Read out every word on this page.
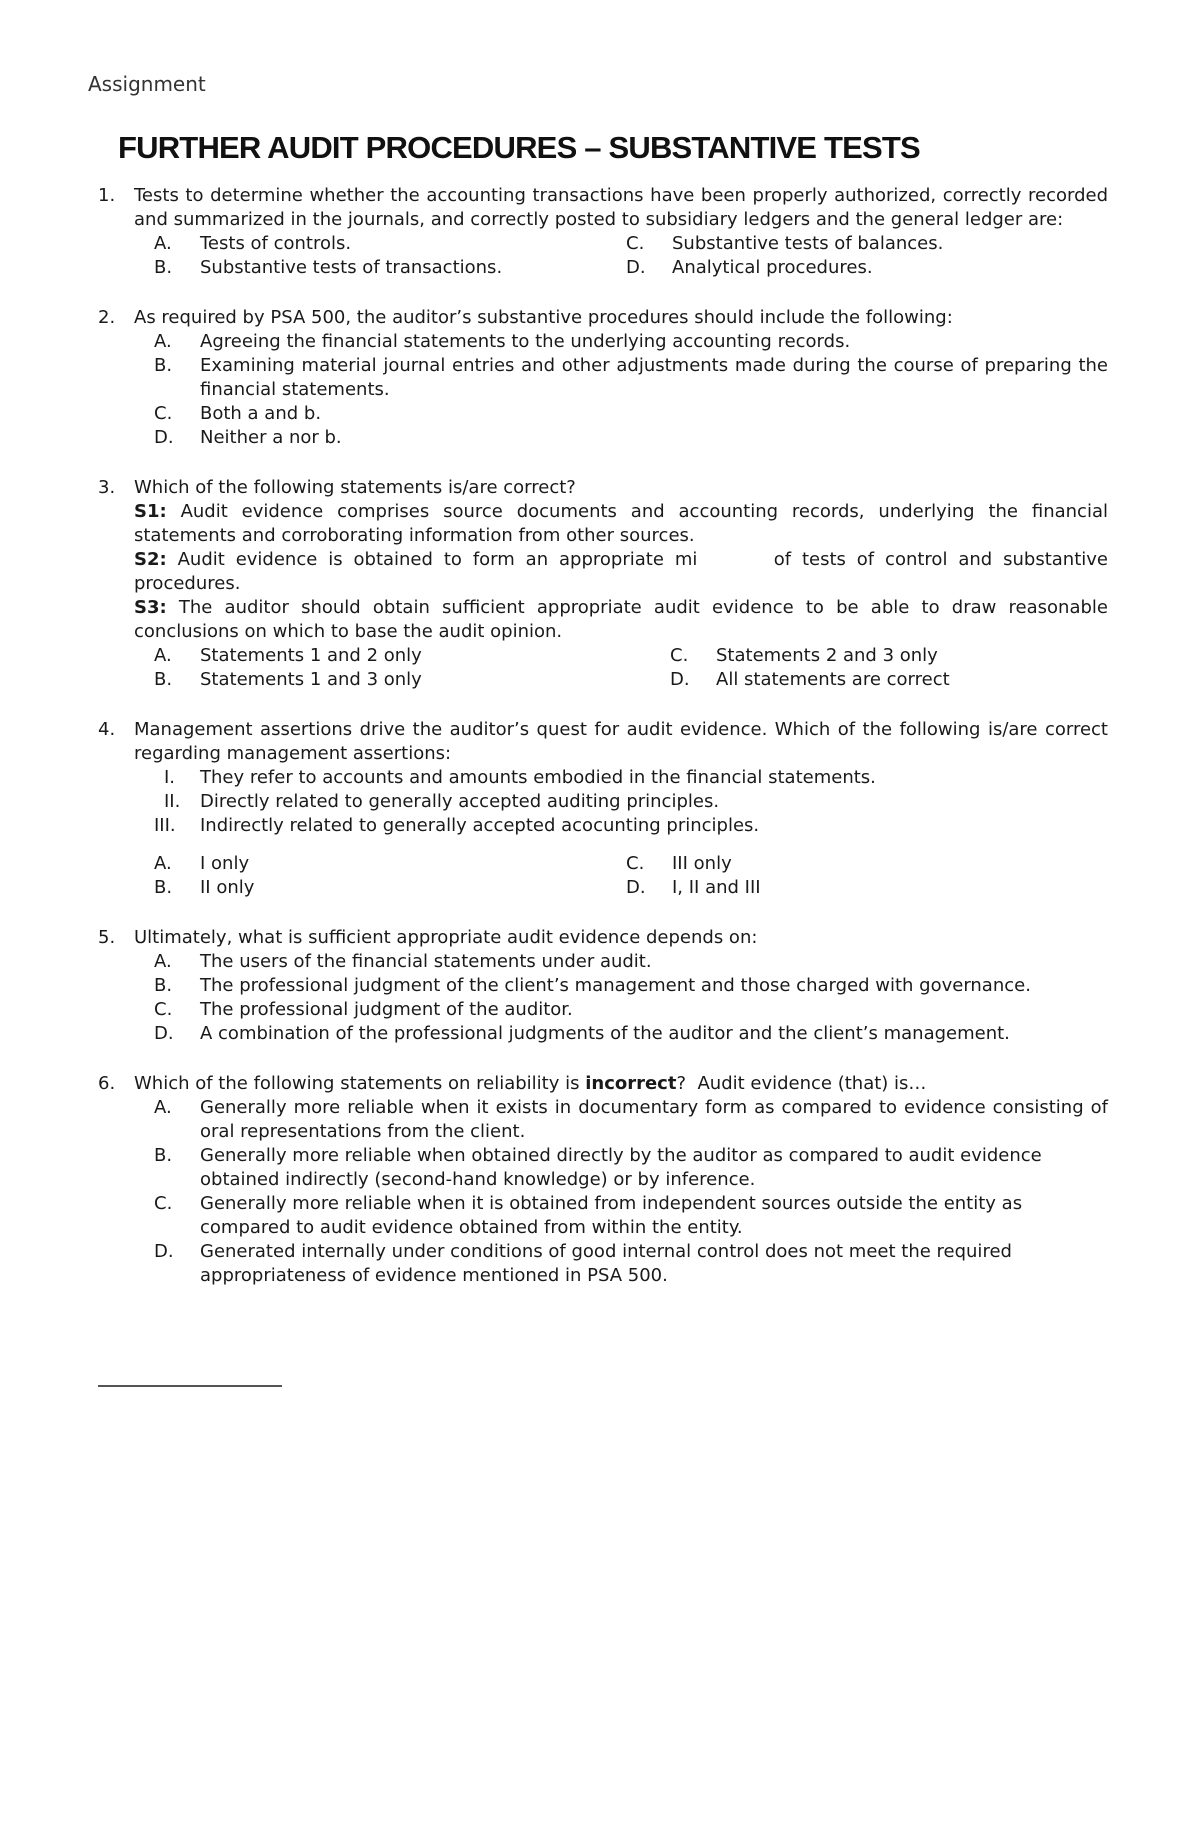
Assignment
FURTHER AUDIT PROCEDURES – SUBSTANTIVE TESTS
1. Tests to determine whether the accounting transactions have been properly authorized, correctly recorded and summarized in the journals, and correctly posted to subsidiary ledgers and the general ledger are:
A. Tests of controls.	C. Substantive tests of balances.
B. Substantive tests of transactions.	D. Analytical procedures.
2. As required by PSA 500, the auditor’s substantive procedures should include the following:
A. Agreeing the financial statements to the underlying accounting records.
B. Examining material journal entries and other adjustments made during the course of preparing the financial statements.
C. Both a and b.
D. Neither a nor b.
3. Which of the following statements is/are correct?
S1: Audit evidence comprises source documents and accounting records, underlying the financial statements and corroborating information from other sources.
S2: Audit evidence is obtained to form an appropriate mi       of tests of control and substantive procedures.
S3: The auditor should obtain sufficient appropriate audit evidence to be able to draw reasonable conclusions on which to base the audit opinion.
A. Statements 1 and 2 only	C. Statements 2 and 3 only
B. Statements 1 and 3 only	D. All statements are correct
4. Management assertions drive the auditor’s quest for audit evidence. Which of the following is/are correct regarding management assertions:
I. They refer to accounts and amounts embodied in the financial statements.
II. Directly related to generally accepted auditing principles.
III. Indirectly related to generally accepted acocunting principles.
A. I only	C. III only
B. II only	D. I, II and III
5. Ultimately, what is sufficient appropriate audit evidence depends on:
A. The users of the financial statements under audit.
B. The professional judgment of the client’s management and those charged with governance.
C. The professional judgment of the auditor.
D. A combination of the professional judgments of the auditor and the client’s management.
6. Which of the following statements on reliability is incorrect?  Audit evidence (that) is…
A. Generally more reliable when it exists in documentary form as compared to evidence consisting of oral representations from the client.
B. Generally more reliable when obtained directly by the auditor as compared to audit evidence obtained indirectly (second-hand knowledge) or by inference.
C. Generally more reliable when it is obtained from independent sources outside the entity as compared to audit evidence obtained from within the entity.
D. Generated internally under conditions of good internal control does not meet the required appropriateness of evidence mentioned in PSA 500.
